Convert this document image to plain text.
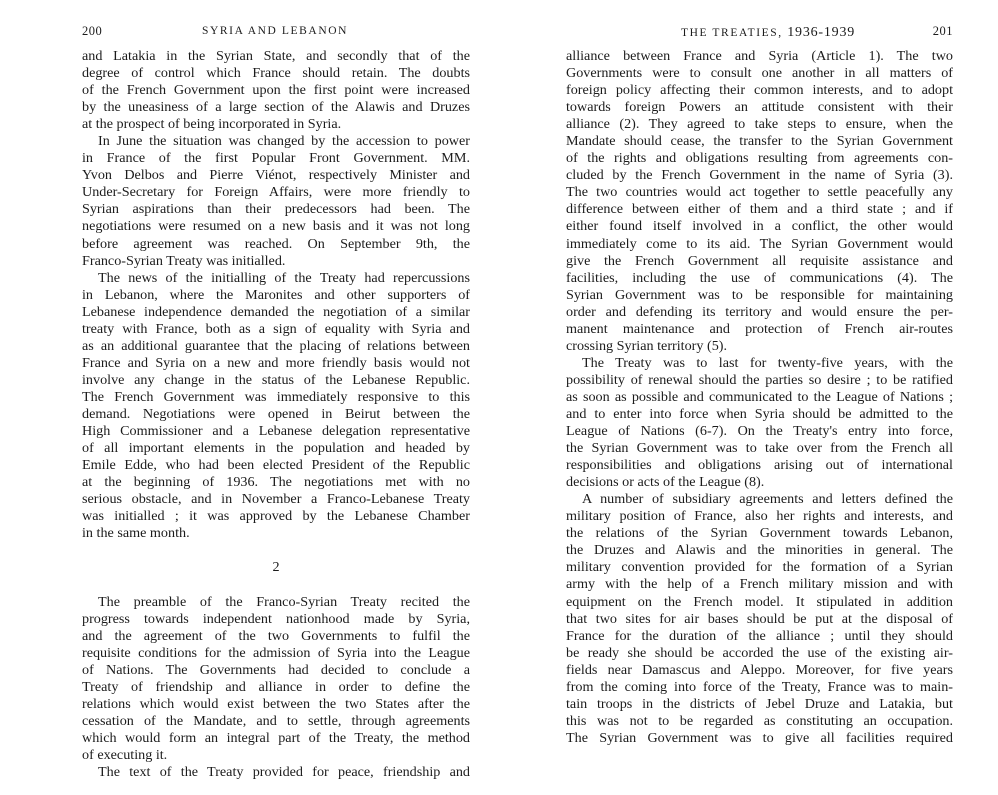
200	SYRIA AND LEBANON
and Latakia in the Syrian State, and secondly that of the
degree of control which France should retain. The doubts
of the French Government upon the first point were increased
by the uneasiness of a large section of the Alawis and Druzes
at the prospect of being incorporated in Syria.
In June the situation was changed by the accession to power
in France of the first Popular Front Government. MM.
Yvon Delbos and Pierre Viénot, respectively Minister and
Under-Secretary for Foreign Affairs, were more friendly to
Syrian aspirations than their predecessors had been. The
negotiations were resumed on a new basis and it was not long
before agreement was reached. On September 9th, the
Franco-Syrian Treaty was initialled.
The news of the initialling of the Treaty had repercussions
in Lebanon, where the Maronites and other supporters of
Lebanese independence demanded the negotiation of a similar
treaty with France, both as a sign of equality with Syria and
as an additional guarantee that the placing of relations between
France and Syria on a new and more friendly basis would not
involve any change in the status of the Lebanese Republic.
The French Government was immediately responsive to this
demand. Negotiations were opened in Beirut between the
High Commissioner and a Lebanese delegation representative
of all important elements in the population and headed by
Emile Edde, who had been elected President of the Republic
at the beginning of 1936. The negotiations met with no
serious obstacle, and in November a Franco-Lebanese Treaty
was initialled ; it was approved by the Lebanese Chamber
in the same month.
2
The preamble of the Franco-Syrian Treaty recited the
progress towards independent nationhood made by Syria,
and the agreement of the two Governments to fulfil the
requisite conditions for the admission of Syria into the League
of Nations. The Governments had decided to conclude a
Treaty of friendship and alliance in order to define the
relations which would exist between the two States after the
cessation of the Mandate, and to settle, through agreements
which would form an integral part of the Treaty, the method
of executing it.
The text of the Treaty provided for peace, friendship and
THE TREATIES, 1936-1939	201
alliance between France and Syria (Article 1). The two
Governments were to consult one another in all matters of
foreign policy affecting their common interests, and to adopt
towards foreign Powers an attitude consistent with their
alliance (2). They agreed to take steps to ensure, when the
Mandate should cease, the transfer to the Syrian Government
of the rights and obligations resulting from agreements con-
cluded by the French Government in the name of Syria (3).
The two countries would act together to settle peacefully any
difference between either of them and a third state ; and if
either found itself involved in a conflict, the other would
immediately come to its aid. The Syrian Government would
give the French Government all requisite assistance and
facilities, including the use of communications (4). The
Syrian Government was to be responsible for maintaining
order and defending its territory and would ensure the per-
manent maintenance and protection of French air-routes
crossing Syrian territory (5).
The Treaty was to last for twenty-five years, with the
possibility of renewal should the parties so desire ; to be ratified
as soon as possible and communicated to the League of Nations ;
and to enter into force when Syria should be admitted to the
League of Nations (6-7). On the Treaty's entry into force,
the Syrian Government was to take over from the French all
responsibilities and obligations arising out of international
decisions or acts of the League (8).
A number of subsidiary agreements and letters defined the
military position of France, also her rights and interests, and
the relations of the Syrian Government towards Lebanon,
the Druzes and Alawis and the minorities in general. The
military convention provided for the formation of a Syrian
army with the help of a French military mission and with
equipment on the French model. It stipulated in addition
that two sites for air bases should be put at the disposal of
France for the duration of the alliance ; until they should
be ready she should be accorded the use of the existing air-
fields near Damascus and Aleppo. Moreover, for five years
from the coming into force of the Treaty, France was to main-
tain troops in the districts of Jebel Druze and Latakia, but
this was not to be regarded as constituting an occupation.
The Syrian Government was to give all facilities required
